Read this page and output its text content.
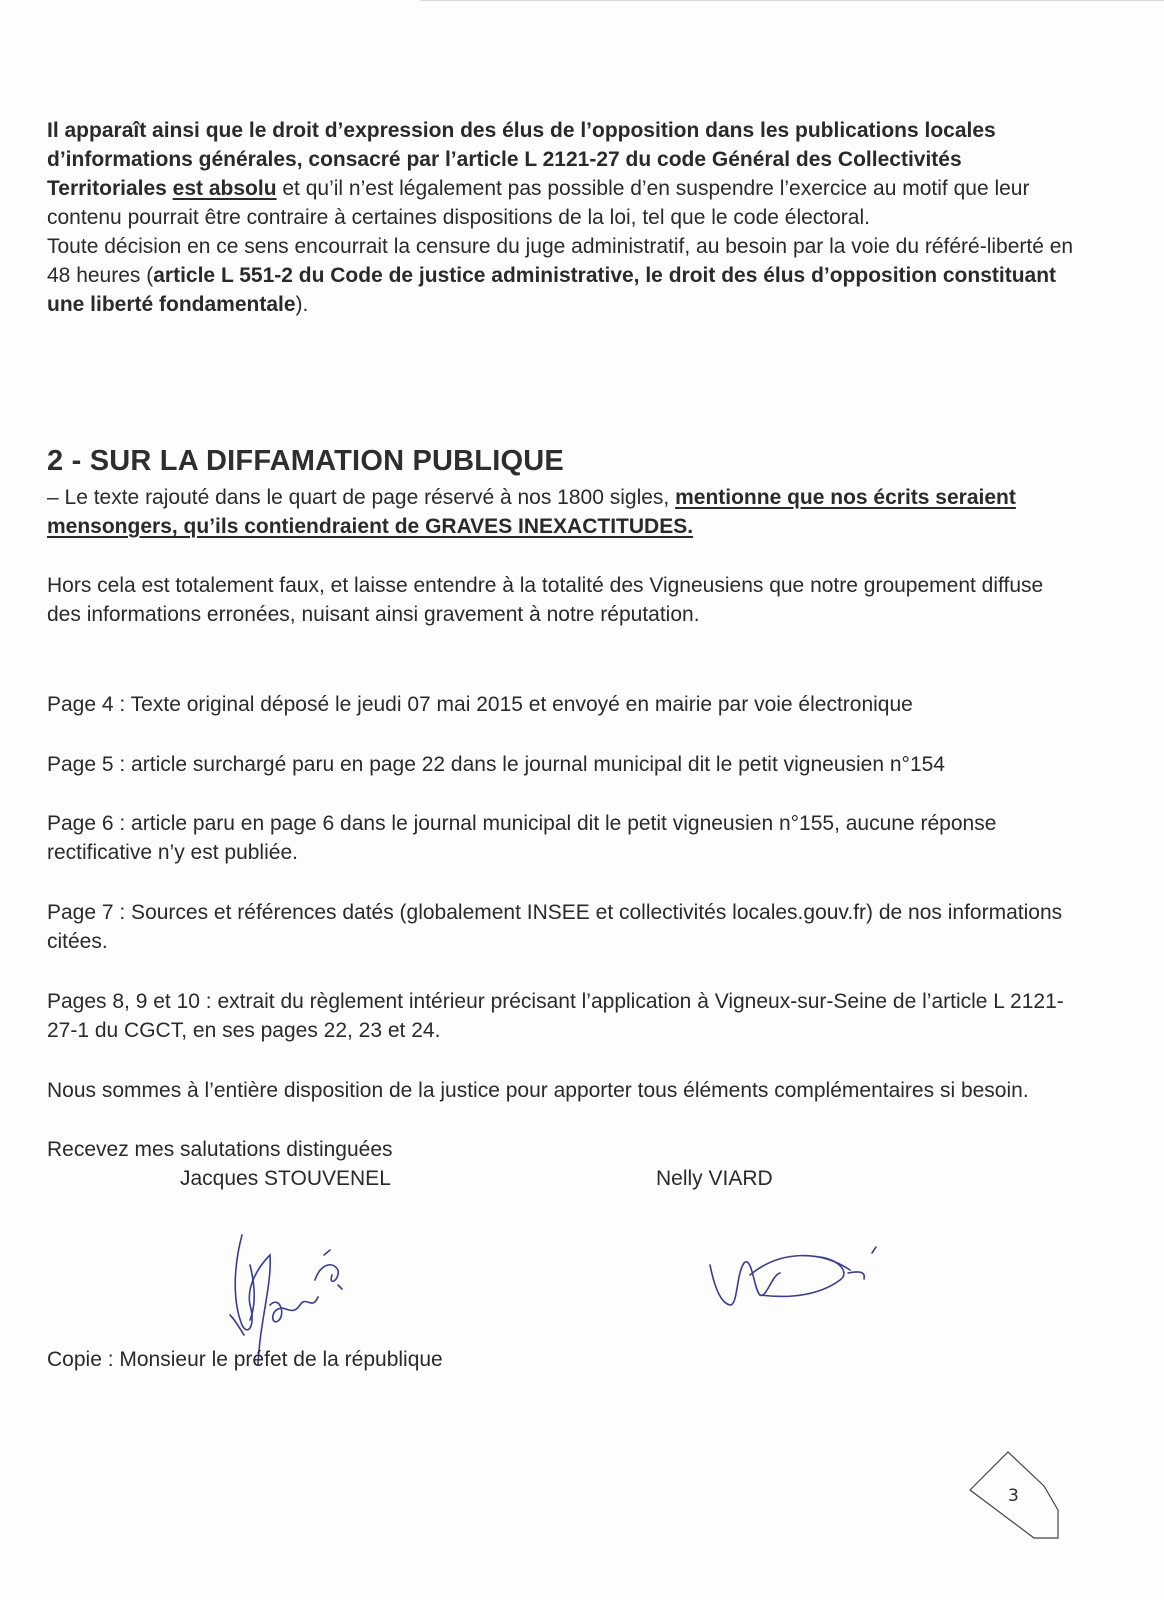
Il apparaît ainsi que le droit d’expression des élus de l’opposition dans les publications locales d’informations générales, consacré par l’article L 2121-27 du code Général des Collectivités Territoriales est absolu et qu’il n’est légalement pas possible d’en suspendre l’exercice au motif que leur contenu pourrait être contraire à certaines dispositions de la loi, tel que le code électoral.

Toute décision en ce sens encourrait la censure du juge administratif, au besoin par la voie du référé-liberté en 48 heures (article L 551-2 du Code de justice administrative, le droit des élus d’opposition constituant une liberté fondamentale).

2 - SUR LA DIFFAMATION PUBLIQUE

– Le texte rajouté dans le quart de page réservé à nos 1800 sigles, mentionne que nos écrits seraient mensongers, qu’ils contiendraient de GRAVES INEXACTITUDES.

Hors cela est totalement faux, et laisse entendre à la totalité des Vigneusiens que notre groupement diffuse des informations erronées, nuisant ainsi gravement à notre réputation.

Page 4 : Texte original déposé le jeudi 07 mai 2015 et envoyé en mairie par voie électronique

Page 5 : article surchargé paru en page 22 dans le journal municipal dit le petit vigneusien n°154

Page 6 : article paru en page 6 dans le journal municipal dit le petit vigneusien n°155, aucune réponse rectificative n’y est publiée.

Page 7 : Sources et références datés (globalement INSEE et collectivités locales.gouv.fr) de nos informations citées.

Pages 8, 9 et 10 : extrait du règlement intérieur précisant l’application à Vigneux-sur-Seine de l’article L 2121-27-1 du CGCT, en ses pages 22, 23 et 24.

Nous sommes à l’entière disposition de la justice pour apporter tous éléments complémentaires si besoin.

Recevez mes salutations distinguées

Jacques STOUVENEL	Nelly VIARD
Copie : Monsieur le préfet de la république
3
